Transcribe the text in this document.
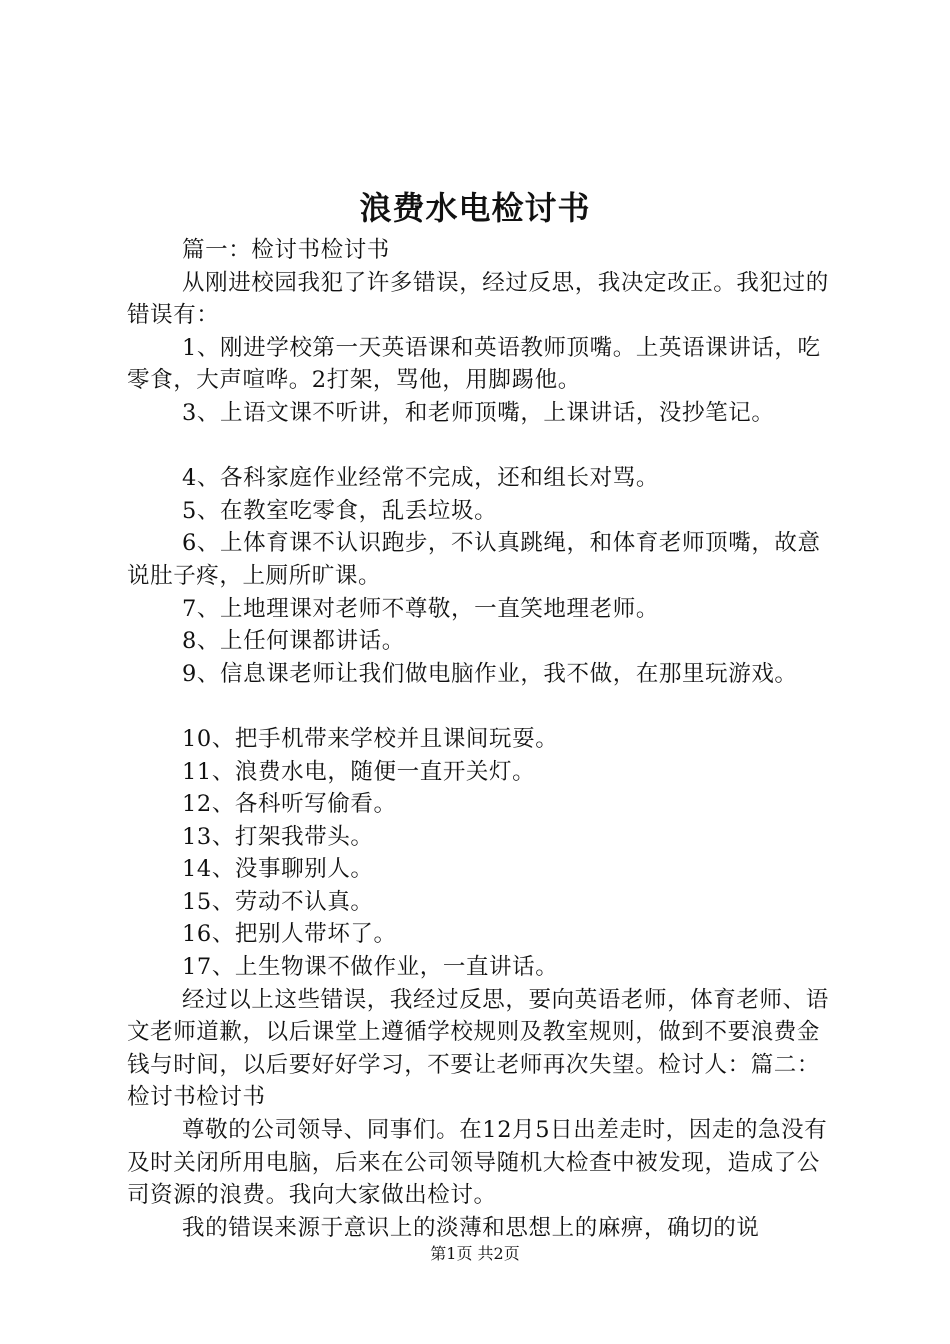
浪费水电检讨书

篇一：检讨书检讨书

从刚进校园我犯了许多错误，经过反思，我决定改正。我犯过的错误有：

1、刚进学校第一天英语课和英语教师顶嘴。上英语课讲话，吃零食，大声喧哗。2打架，骂他，用脚踢他。

3、上语文课不听讲，和老师顶嘴，上课讲话，没抄笔记。

4、各科家庭作业经常不完成，还和组长对骂。

5、在教室吃零食，乱丢垃圾。

6、上体育课不认识跑步，不认真跳绳，和体育老师顶嘴，故意说肚子疼，上厕所旷课。

7、上地理课对老师不尊敬，一直笑地理老师。

8、上任何课都讲话。

9、信息课老师让我们做电脑作业，我不做，在那里玩游戏。

10、把手机带来学校并且课间玩耍。

11、浪费水电，随便一直开关灯。

12、各科听写偷看。

13、打架我带头。

14、没事聊别人。

15、劳动不认真。

16、把别人带坏了。

17、上生物课不做作业，一直讲话。

经过以上这些错误，我经过反思，要向英语老师，体育老师、语文老师道歉，以后课堂上遵循学校规则及教室规则，做到不要浪费金钱与时间，以后要好好学习，不要让老师再次失望。检讨人：篇二：检讨书检讨书

尊敬的公司领导、同事们。在12月5日出差走时，因走的急没有及时关闭所用电脑，后来在公司领导随机大检查中被发现，造成了公司资源的浪费。我向大家做出检讨。

我的错误来源于意识上的淡薄和思想上的麻痹，确切的说

第1页 共2页
